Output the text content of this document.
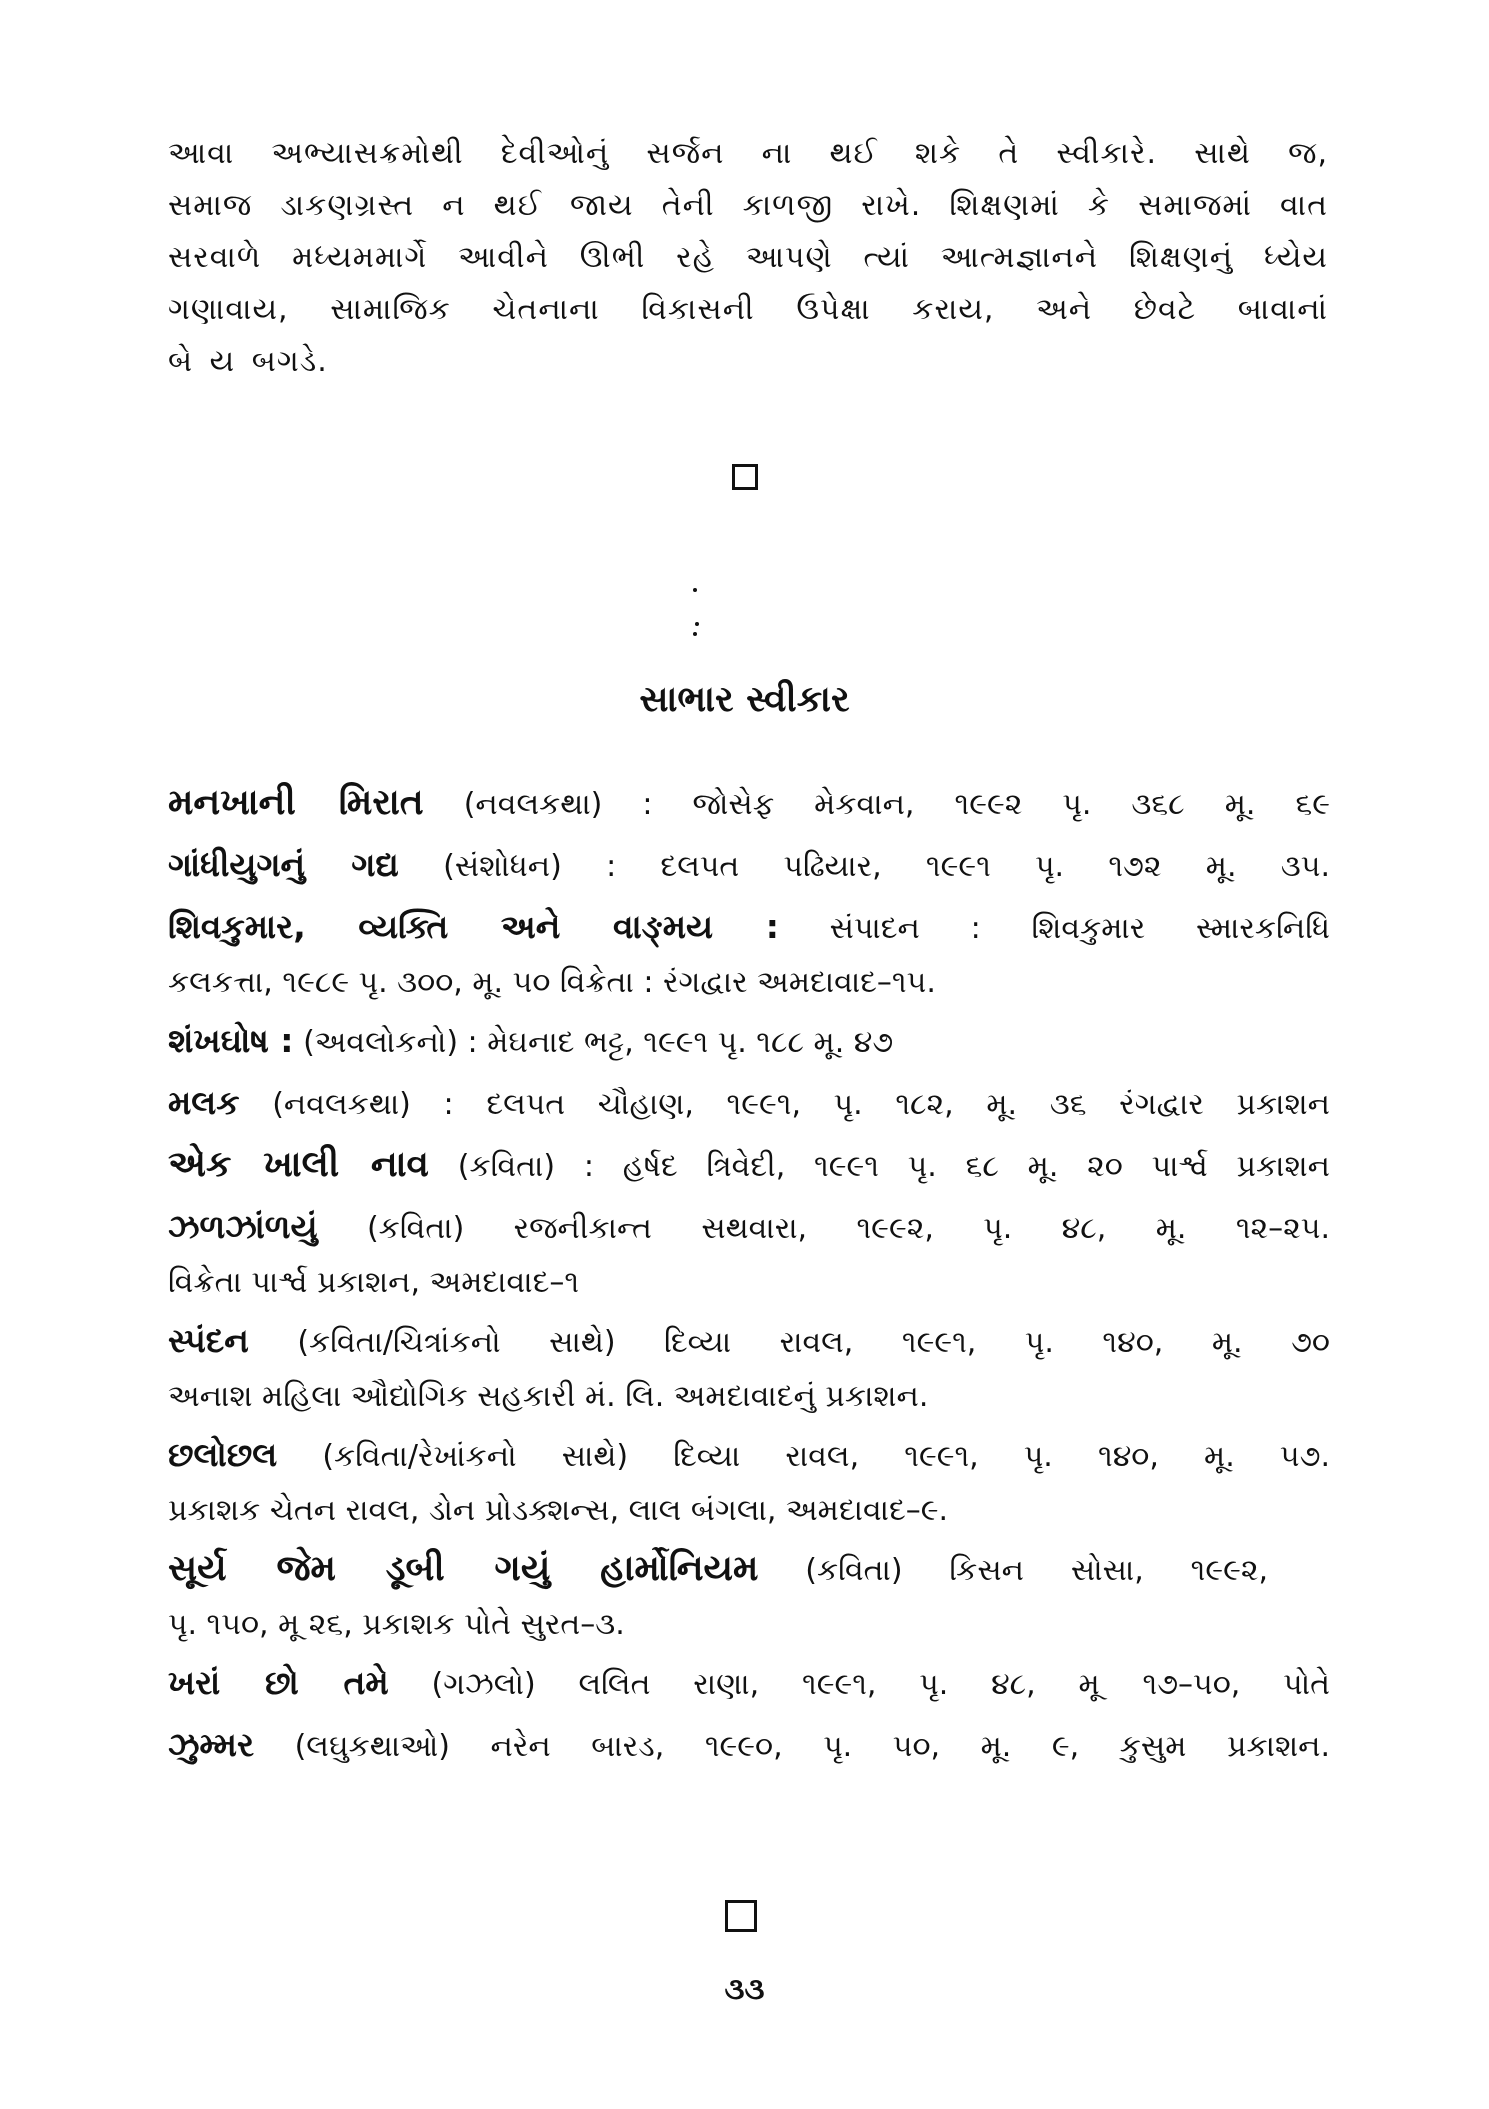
આવા અભ્યાસક્રમોથી દેવીઓનું સર્જન ના થઈ શકે તે સ્વીકારે. સાથે જ,
સમાજ ડાકણગ્રસ્ત ન થઈ જાય તેની કાળજી રાખે. શિક્ષણમાં કે સમાજમાં વાત
સરવાળે મધ્યમમાર્ગે આવીને ઊભી રહે આપણે ત્યાં આત્મજ્ઞાનને શિક્ષણનું ધ્યેય
ગણાવાય, સામાજિક ચેતનાના વિકાસની ઉપેક્ષા કરાય, અને છેવટે બાવાનાં
બે ય બગડે.
સાભાર સ્વીકાર
મનખાની મિરાત (નવલકથા) : જોસેફ મેકવાન, ૧૯૯૨ પૃ. ૩૬૮ મૂ. ૬૯
ગાંધીયુગનું ગદ્ય (સંશોધન) : દલપત પઢિયાર, ૧૯૯૧ પૃ. ૧૭૨ મૂ. ૩૫.
શિવકુમાર, વ્યક્તિ અને વાઙ્મય : સંપાદન : શિવકુમાર સ્મારકનિધિ
કલકત્તા, ૧૯૮૯ પૃ. ૩૦૦, મૂ. ૫૦ વિક્રેતા : રંગદ્વાર અમદાવાદ–૧૫.
શંખઘોષ : (અવલોકનો) : મેઘનાદ ભટ્ટ, ૧૯૯૧ પૃ. ૧૮૮ મૂ. ૪૭
મલક (નવલકથા) : દલપત ચૌહાણ, ૧૯૯૧, પૃ. ૧૮૨, મૂ. ૩૬ રંગદ્વાર પ્રકાશન
એક ખાલી નાવ (કવિતા) : હર્ષદ ત્રિવેદી, ૧૯૯૧ પૃ. ૬૮ મૂ. ૨૦ પાર્શ્વ પ્રકાશન
ઝળઝાંળયું (કવિતા) રજનીકાન્ત સથવારા, ૧૯૯૨, પૃ. ૪૮, મૂ. ૧૨–૨૫.
વિક્રેતા પાર્શ્વ પ્રકાશન, અમદાવાદ–૧
સ્પંદન (કવિતા/ચિત્રાંકનો સાથે) દિવ્યા રાવલ, ૧૯૯૧, પૃ. ૧૪૦, મૂ. ૭૦
અનાશ મહિલા ઔદ્યોગિક સહકારી મં. લિ. અમદાવાદનું પ્રકાશન.
છલોછલ (કવિતા/રેખાંકનો સાથે) દિવ્યા રાવલ, ૧૯૯૧, પૃ. ૧૪૦, મૂ. ૫૭.
પ્રકાશક ચેતન રાવલ, ડોન પ્રોડક્શન્સ, લાલ બંગલા, અમદાવાદ–૯.
સૂર્ય જેમ ડૂબી ગયું હાર્મોનિયમ (કવિતા) કિસન સોસા, ૧૯૯૨,
પૃ. ૧૫૦, મૂ ૨૬, પ્રકાશક પોતે સુરત–૩.
ખરાં છો તમે (ગઝલો) લલિત રાણા, ૧૯૯૧, પૃ. ૪૮, મૂ ૧૭–૫૦, પોતે
ઝુમ્મર (લઘુકથાઓ) નરેન બારડ, ૧૯૯૦, પૃ. ૫૦, મૂ. ૯, કુસુમ પ્રકાશન.
૩૩
